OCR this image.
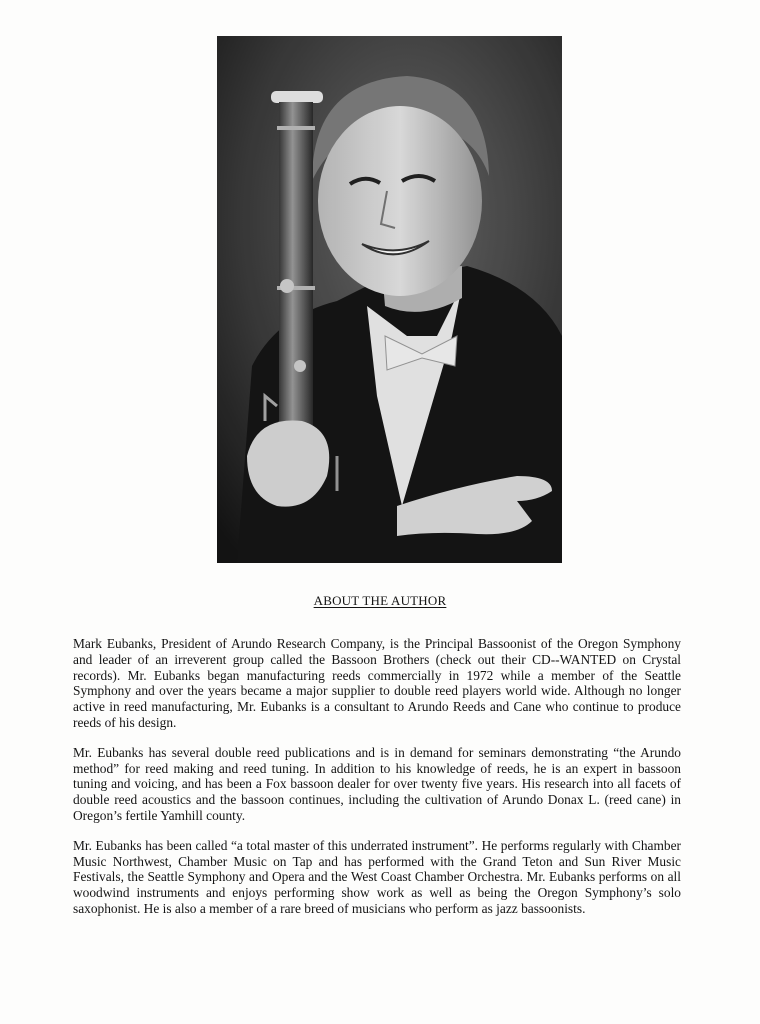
ABOUT THE AUTHOR

Mark Eubanks, President of Arundo Research Company, is the Principal Bassoonist of the Oregon Symphony and leader of an irreverent group called the Bassoon Brothers (check out their CD--WANTED on Crystal records). Mr. Eubanks began manufacturing reeds commercially in 1972 while a member of the Seattle Symphony and over the years became a major supplier to double reed players world wide. Although no longer active in reed manufacturing, Mr. Eubanks is a consultant to Arundo Reeds and Cane who continue to produce reeds of his design.

Mr. Eubanks has several double reed publications and is in demand for seminars demonstrating “the Arundo method” for reed making and reed tuning. In addition to his knowledge of reeds, he is an expert in bassoon tuning and voicing, and has been a Fox bassoon dealer for over twenty five years. His research into all facets of double reed acoustics and the bassoon continues, including the cultivation of Arundo Donax L. (reed cane) in Oregon’s fertile Yamhill county.

Mr. Eubanks has been called “a total master of this underrated instrument”. He performs regularly with Chamber Music Northwest, Chamber Music on Tap and has performed with the Grand Teton and Sun River Music Festivals, the Seattle Symphony and Opera and the West Coast Chamber Orchestra. Mr. Eubanks performs on all woodwind instruments and enjoys performing show work as well as being the Oregon Symphony’s solo saxophonist. He is also a member of a rare breed of musicians who perform as jazz bassoonists.
